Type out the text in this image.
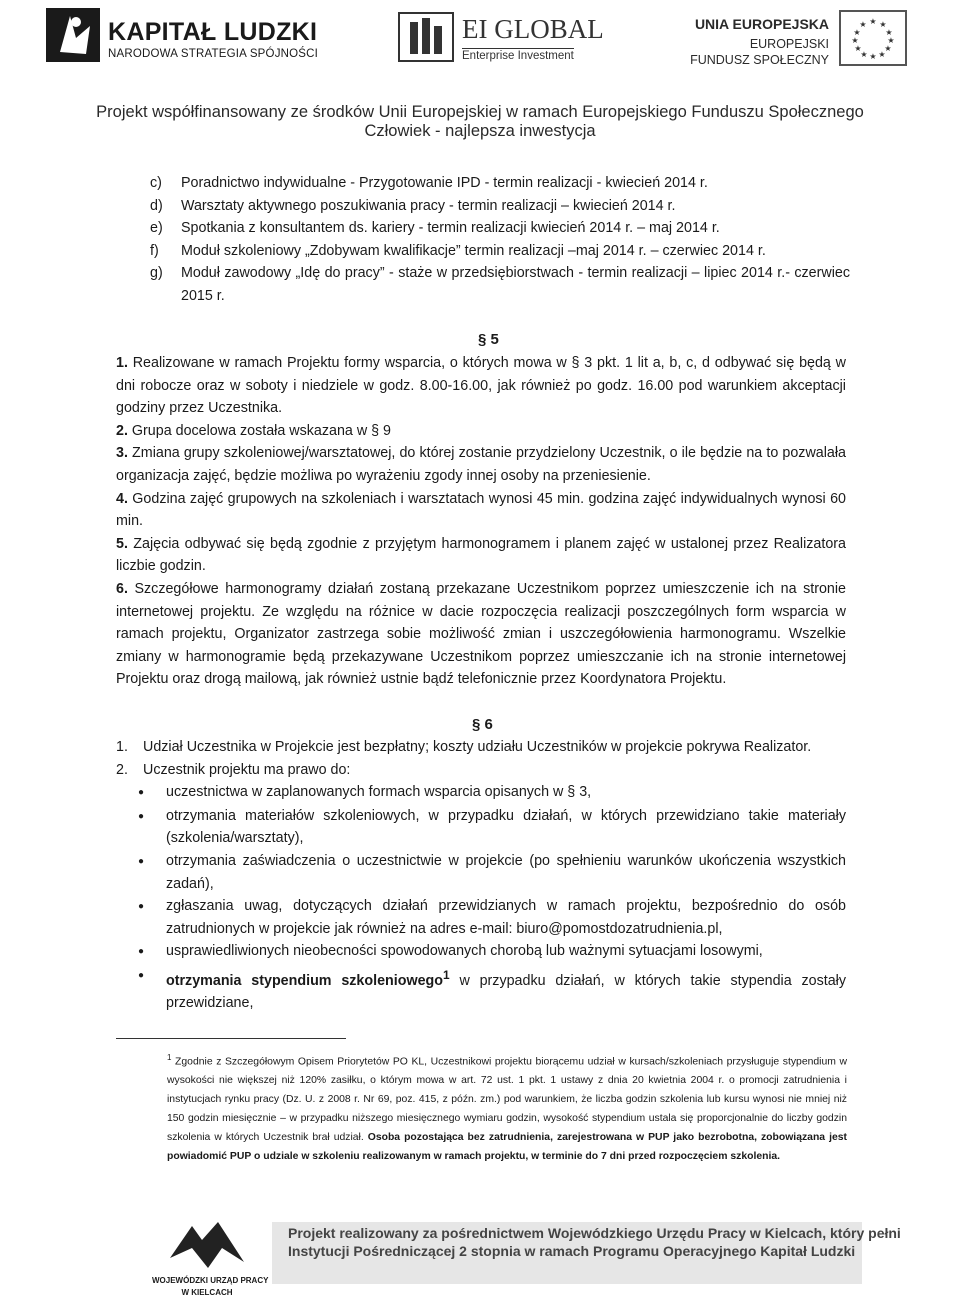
KAPITAŁ LUDZKI
NARODOWA STRATEGIA SPÓJNOŚCI
EI GLOBAL
Enterprise Investment
UNIA EUROPEJSKA
EUROPEJSKI
FUNDUSZ SPOŁECZNY
★ ★
★
★
★
★
★
★
★
★
★
★
Projekt współfinansowany ze środków Unii Europejskiej w ramach Europejskiego Funduszu Społecznego
Człowiek - najlepsza inwestycja
c)	Poradnictwo indywidualne - Przygotowanie IPD - termin realizacji - kwiecień 2014 r.
d)	Warsztaty aktywnego poszukiwania pracy - termin realizacji – kwiecień 2014 r.
e)	Spotkania z konsultantem ds. kariery - termin realizacji kwiecień 2014 r. – maj 2014 r.
f)	Moduł szkoleniowy „Zdobywam kwalifikacje” termin realizacji –maj 2014 r. – czerwiec 2014 r.
g)	Moduł zawodowy „Idę do pracy” - staże w przedsiębiorstwach - termin realizacji – lipiec 2014 r.- czerwiec 2015 r.
§ 5

1. Realizowane w ramach Projektu formy wsparcia, o których mowa w § 3 pkt. 1 lit a, b, c, d odbywać się będą w dni robocze oraz w soboty i niedziele w godz. 8.00-16.00, jak również po godz. 16.00 pod warunkiem akceptacji godziny przez Uczestnika.

2. Grupa docelowa została wskazana w § 9

3. Zmiana grupy szkoleniowej/warsztatowej, do której zostanie przydzielony Uczestnik, o ile będzie na to pozwalała organizacja zajęć, będzie możliwa po wyrażeniu zgody innej osoby na przeniesienie.

4. Godzina zajęć grupowych na szkoleniach i warsztatach wynosi 45 min. godzina zajęć indywidualnych wynosi 60 min.

5. Zajęcia odbywać się będą zgodnie z przyjętym harmonogramem i planem zajęć w ustalonej przez Realizatora liczbie godzin.

6. Szczegółowe harmonogramy działań zostaną przekazane Uczestnikom poprzez umieszczenie ich na stronie internetowej projektu. Ze względu na różnice w dacie rozpoczęcia realizacji poszczególnych form wsparcia w ramach projektu, Organizator zastrzega sobie możliwość zmian i uszczegółowienia harmonogramu. Wszelkie zmiany w harmonogramie będą przekazywane Uczestnikom poprzez umieszczanie ich na stronie internetowej Projektu oraz drogą mailową, jak również ustnie bądź telefonicznie przez Koordynatora Projektu.

§ 6
1.	Udział Uczestnika w Projekcie jest bezpłatny; koszty udziału Uczestników w projekcie pokrywa Realizator.
2.	Uczestnik projektu ma prawo do:
●	uczestnictwa w zaplanowanych formach wsparcia opisanych w § 3,
●	otrzymania materiałów szkoleniowych, w przypadku działań, w których przewidziano takie materiały (szkolenia/warsztaty),
●	otrzymania zaświadczenia o uczestnictwie w projekcie (po spełnieniu warunków ukończenia wszystkich zadań),
●	zgłaszania uwag, dotyczących działań przewidzianych w ramach projektu, bezpośrednio do osób zatrudnionych w projekcie jak również na adres e-mail: biuro@pomostdozatrudnienia.pl,
●	usprawiedliwionych nieobecności spowodowanych chorobą lub ważnymi sytuacjami losowymi,
●	otrzymania stypendium szkoleniowego$^1$ w przypadku działań, w których takie stypendia zostały przewidziane,
$^1$ Zgodnie z Szczegółowym Opisem Priorytetów PO KL, Uczestnikowi projektu biorącemu udział w kursach/szkoleniach przysługuje stypendium w wysokości nie większej niż 120% zasiłku, o którym mowa w art. 72 ust. 1 pkt. 1 ustawy z dnia 20 kwietnia 2004 r. o promocji zatrudnienia i instytucjach rynku pracy (Dz. U. z 2008 r. Nr 69, poz. 415, z późn. zm.) pod warunkiem, że liczba godzin szkolenia lub kursu wynosi nie mniej niż 150 godzin miesięcznie – w przypadku niższego miesięcznego wymiaru godzin, wysokość stypendium ustala się proporcjonalnie do liczby godzin szkolenia w których Uczestnik brał udział. Osoba pozostająca bez zatrudnienia, zarejestrowana w PUP jako bezrobotna, zobowiązana jest powiadomić PUP o udziale w szkoleniu realizowanym w ramach projektu, w terminie do 7 dni przed rozpoczęciem szkolenia.
WOJEWÓDZKI URZĄD PRACY
W KIELCACH
Projekt realizowany za pośrednictwem Wojewódzkiego Urzędu Pracy w Kielcach, który pełni
Instytucji Pośredniczącej 2 stopnia w ramach Programu Operacyjnego Kapitał Ludzki
